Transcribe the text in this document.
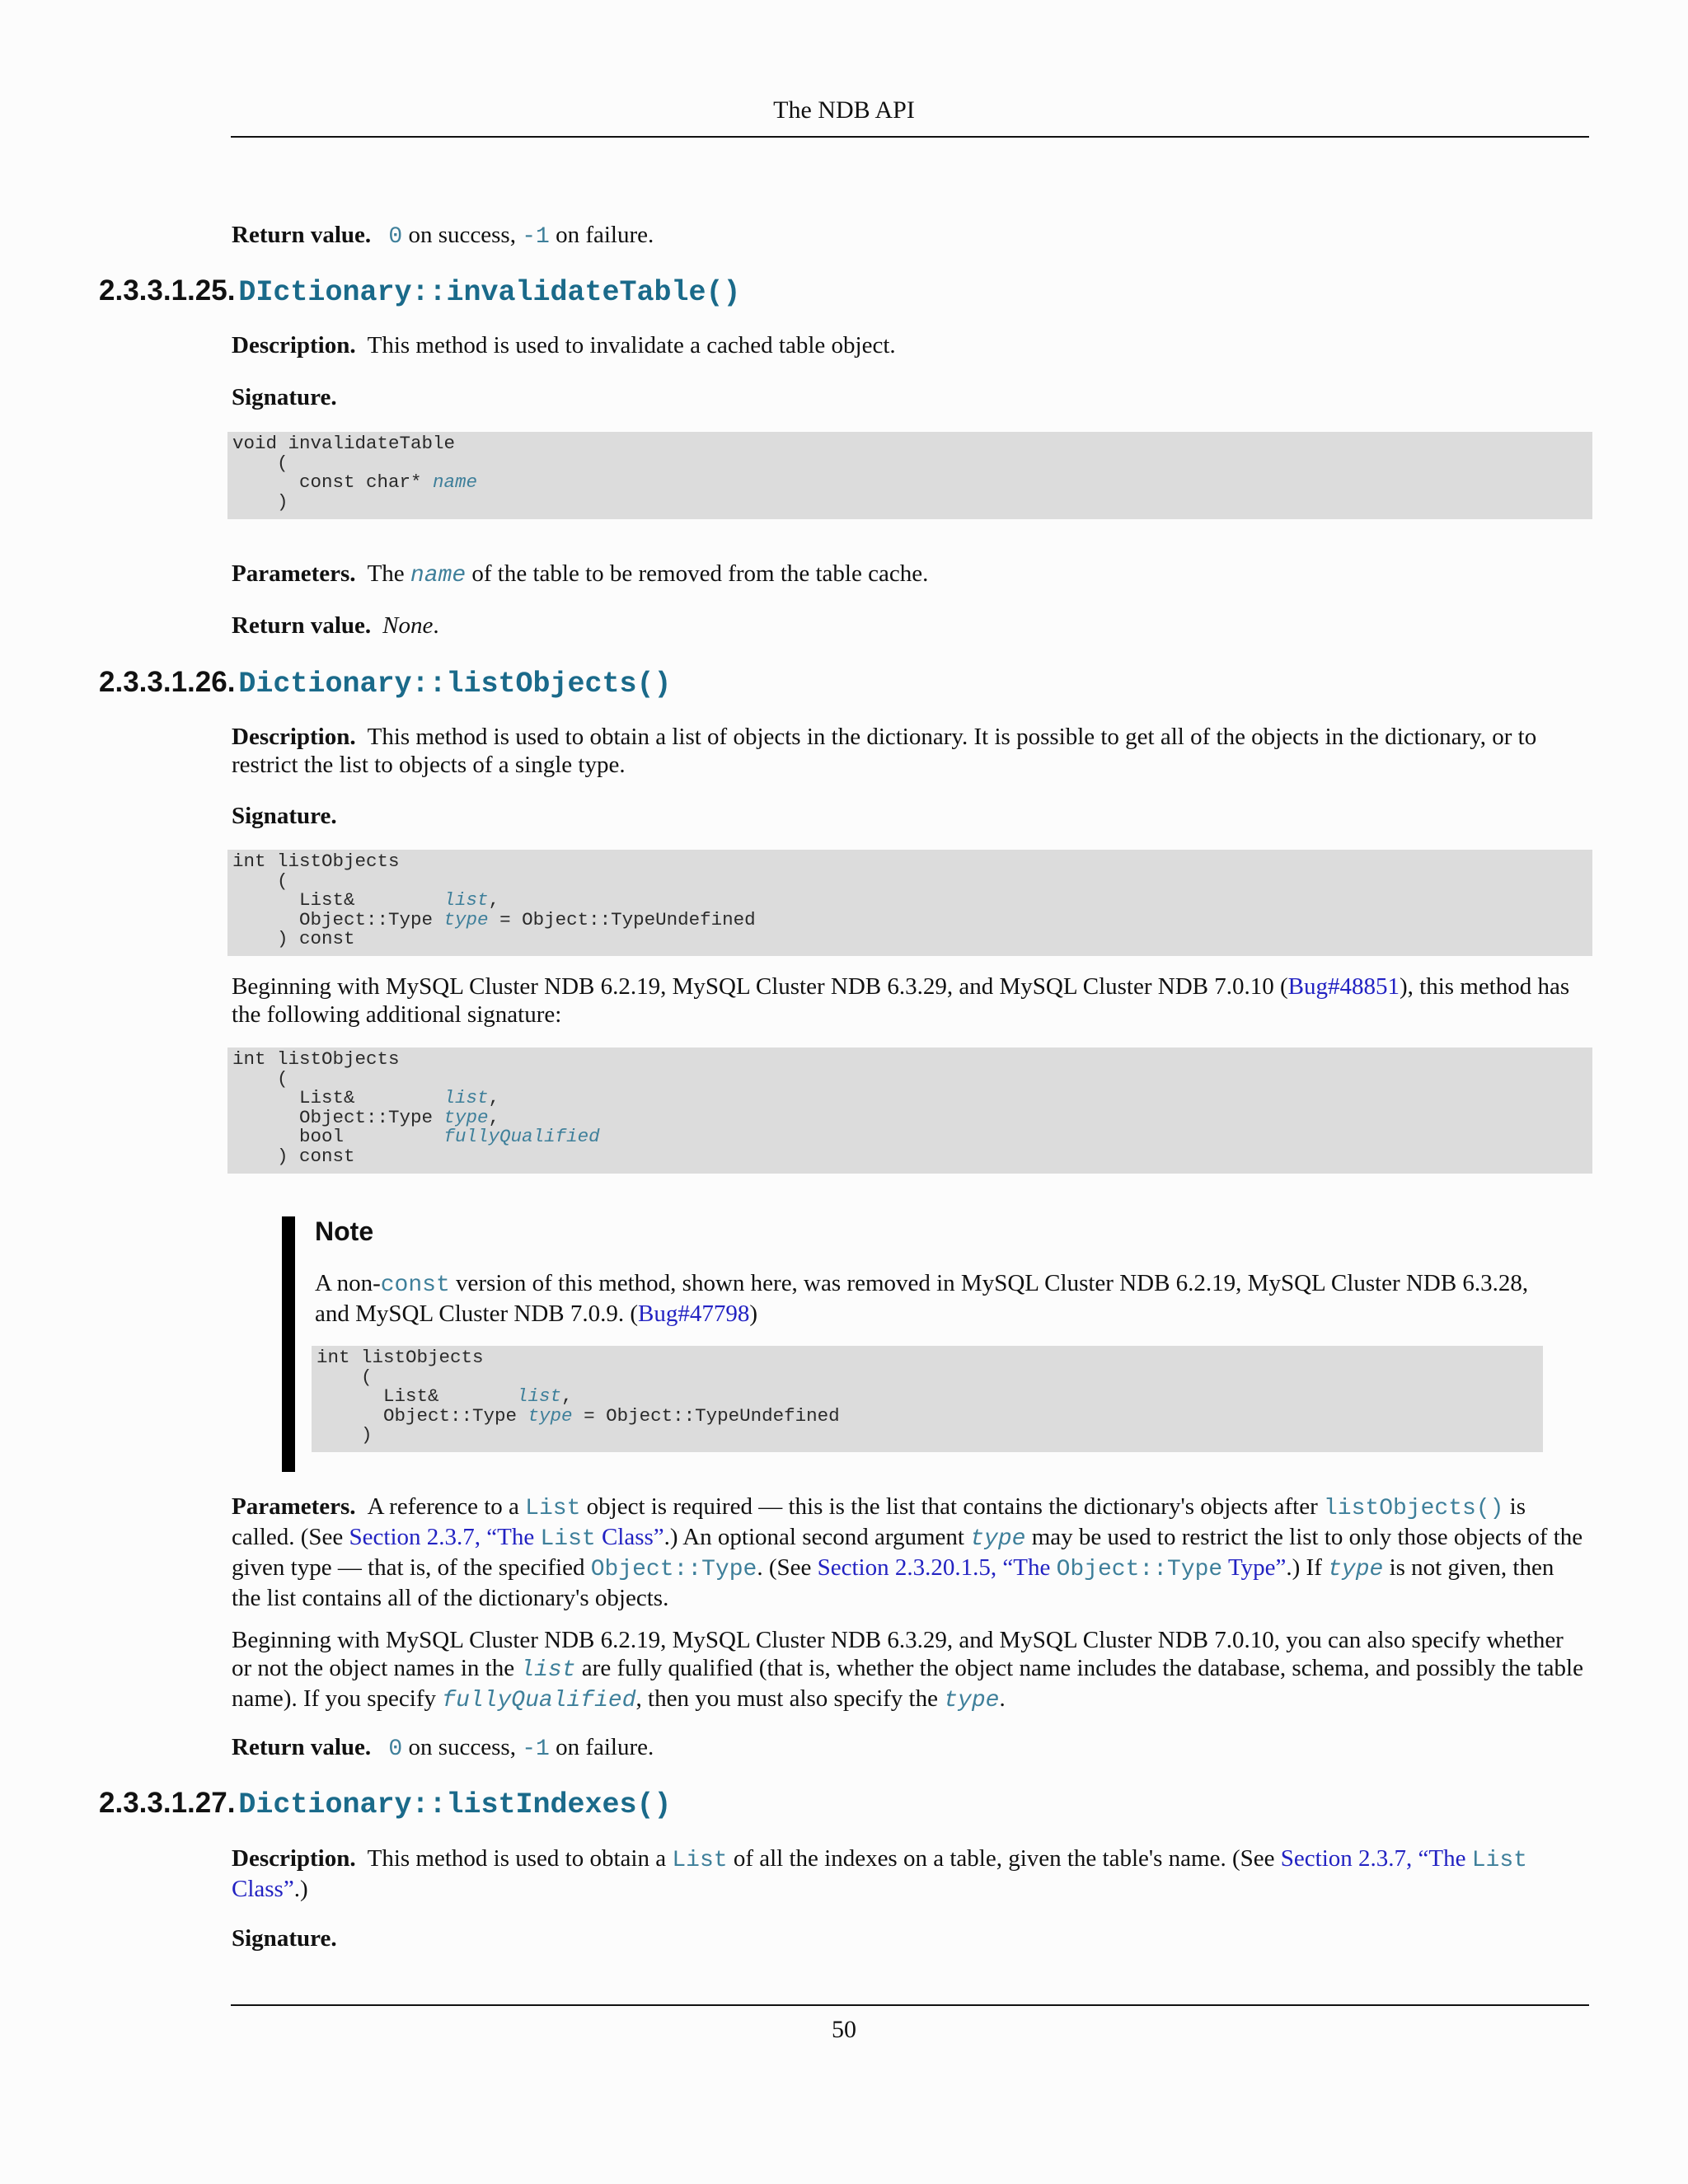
The NDB API
Return value. 0 on success, -1 on failure.
2.3.3.1.25. DIctionary::invalidateTable()
Description. This method is used to invalidate a cached table object.
Signature.
void invalidateTable
(
const char* name
)
Parameters. The name of the table to be removed from the table cache.
Return value. None.
2.3.3.1.26. Dictionary::listObjects()
Description. This method is used to obtain a list of objects in the dictionary. It is possible to get all of the objects in the dictionary, or to restrict the list to objects of a single type.
Signature.
int listObjects
(
List&        list,
Object::Type type = Object::TypeUndefined
) const
Beginning with MySQL Cluster NDB 6.2.19, MySQL Cluster NDB 6.3.29, and MySQL Cluster NDB 7.0.10 (Bug#48851), this method has the following additional signature:
int listObjects
(
List&        list,
Object::Type type,
bool         fullyQualified
) const
Note
A non-const version of this method, shown here, was removed in MySQL Cluster NDB 6.2.19, MySQL Cluster NDB 6.3.28, and MySQL Cluster NDB 7.0.9. (Bug#47798)
int listObjects
(
List&       list,
Object::Type type = Object::TypeUndefined
)
Parameters. A reference to a List object is required — this is the list that contains the dictionary's objects after listObjects() is called. (See Section 2.3.7, “The List Class”.) An optional second argument type may be used to restrict the list to only those objects of the given type — that is, of the specified Object::Type. (See Section 2.3.20.1.5, “The Object::Type Type”.) If type is not given, then the list contains all of the dictionary's objects.
Beginning with MySQL Cluster NDB 6.2.19, MySQL Cluster NDB 6.3.29, and MySQL Cluster NDB 7.0.10, you can also specify whether or not the object names in the list are fully qualified (that is, whether the object name includes the database, schema, and possibly the table name). If you specify fullyQualified, then you must also specify the type.
Return value. 0 on success, -1 on failure.
2.3.3.1.27. Dictionary::listIndexes()
Description. This method is used to obtain a List of all the indexes on a table, given the table's name. (See Section 2.3.7, “The List Class”.)
Signature.
50
